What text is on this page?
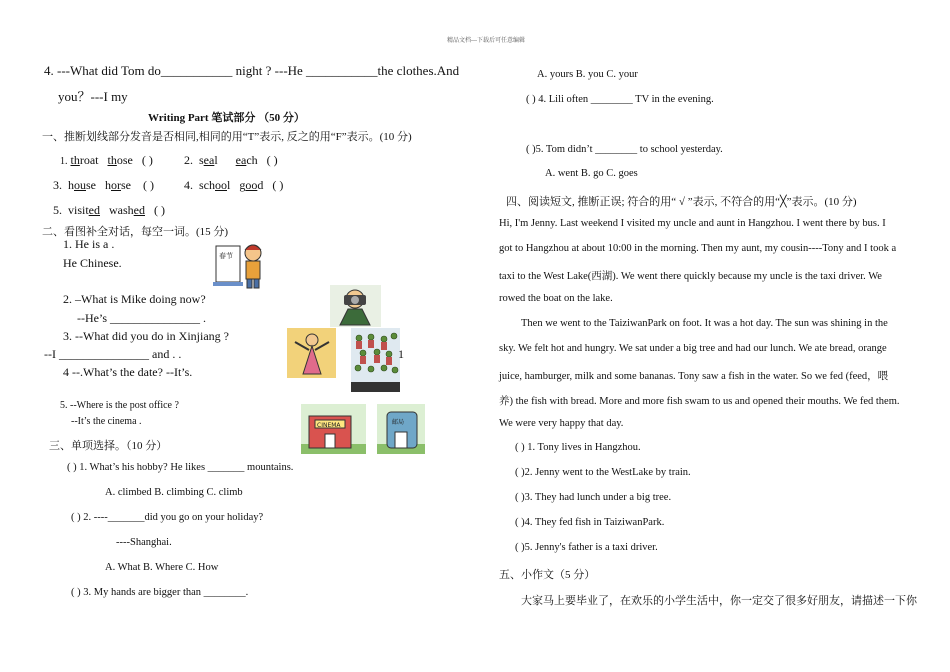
精品文档---下载后可任意编辑
4. ---What did Tom do___________ night ? ---He ___________the clothes.And
you？---I my
Writing Part 笔试部分 （50 分）
一、推断划线部分发音是否相同,相同的用“T”表示, 反之的用“F”表示。(10 分)
1. throat those ( )	2. seal each ( )
3. house horse ( )	4. school good ( )
5. visited washed ( )
二、看图补全对话，每空一词。(15 分)
1. He is a .
He Chinese.
2. –What is Mike doing now?
--He’s _______________ .
3. --What did you do in Xinjiang ?
--I _______________ and . .
4 --.What’s the date? --It’s.
5. --Where is the post office ?
--It’s the cinema .
春节
1
CINEMA	邮局
三、单项选择。（10 分）
( ) 1. What’s his hobby? He likes _______ mountains.
A. climbed B. climbing C. climb
( ) 2. ----_______did you go on your holiday?
----Shanghai.
A. What B. Where C. How
( ) 3. My hands are bigger than ________.
A. yours B. you C. your
( ) 4. Lili often ________ TV in the evening.
( )5. Tom didn’t ________ to school yesterday.
A. went B. go C. goes
四、阅读短文, 推断正误; 符合的用“ √ ”表示, 不符合的用“╳”表示。(10 分)
Hi, I'm Jenny. Last weekend I visited my uncle and aunt in Hangzhou. I went there by bus. I
got to Hangzhou at about 10:00 in the morning. Then my aunt, my cousin----Tony and I took a
taxi to the West Lake(西湖). We went there quickly because my uncle is the taxi driver. We
rowed the boat on the lake.
Then we went to the TaiziwanPark on foot. It was a hot day. The sun was shining in the
sky. We felt hot and hungry. We sat under a big tree and had our lunch. We ate bread, orange
juice, hamburger, milk and some bananas. Tony saw a fish in the water. So we fed (feed，喂
养) the fish with bread. More and more fish swam to us and opened their mouths. We fed them.
We were very happy that day.
( ) 1. Tony lives in Hangzhou.
( )2. Jenny went to the WestLake by train.
( )3. They had lunch under a big tree.
( )4. They fed fish in TaiziwanPark.
( )5. Jenny's father is a taxi driver.
五、小作文（5 分）
大家马上要毕业了，在欢乐的小学生活中，你一定交了很多好朋友，请描述一下你
